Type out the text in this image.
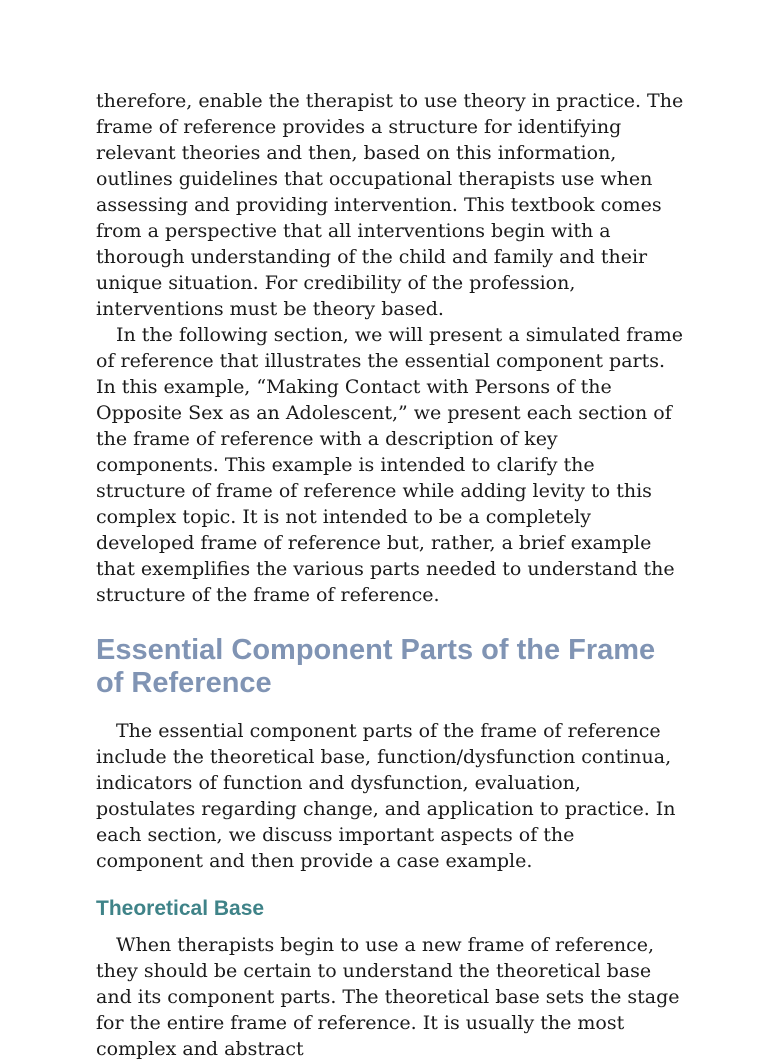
therefore, enable the therapist to use theory in practice. The frame of reference provides a structure for identifying relevant theories and then, based on this information, outlines guidelines that occupational therapists use when assessing and providing intervention. This textbook comes from a perspective that all interventions begin with a thorough understanding of the child and family and their unique situation. For credibility of the profession, interventions must be theory based.

In the following section, we will present a simulated frame of reference that illustrates the essential component parts. In this example, “Making Contact with Persons of the Opposite Sex as an Adolescent,” we present each section of the frame of reference with a description of key components. This example is intended to clarify the structure of frame of reference while adding levity to this complex topic. It is not intended to be a completely developed frame of reference but, rather, a brief example that exemplifies the various parts needed to understand the structure of the frame of reference.

Essential Component Parts of the Frame of Reference

The essential component parts of the frame of reference include the theoretical base, function/dysfunction continua, indicators of function and dysfunction, evaluation, postulates regarding change, and application to practice. In each section, we discuss important aspects of the component and then provide a case example.

Theoretical Base

When therapists begin to use a new frame of reference, they should be certain to understand the theoretical base and its component parts. The theoretical base sets the stage for the entire frame of reference. It is usually the most complex and abstract
